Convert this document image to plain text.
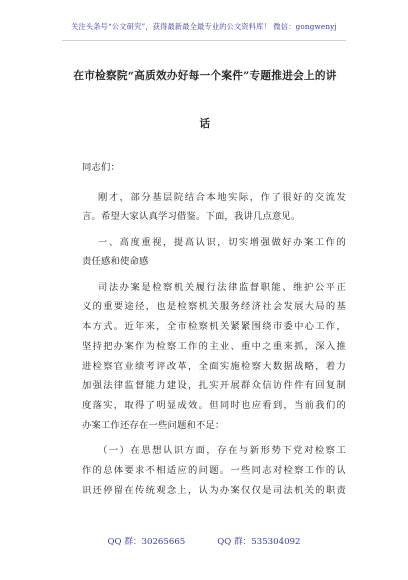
关注头条号“公文研究”，获得最新最全最专业的公文资料库！ 微信：gongwenyj
在市检察院“高质效办好每一个案件”专题推进会上的讲
话
同志们：
刚才，部分基层院结合本地实际，作了很好的交流发
言。希望大家认真学习借鉴。下面，我讲几点意见。
一、高度重视，提高认识，切实增强做好办案工作的
责任感和使命感
司法办案是检察机关履行法律监督职能、维护公平正
义的重要途径，也是检察机关服务经济社会发展大局的基
本方式。近年来，全市检察机关紧紧围绕市委中心工作，
坚持把办案作为检察工作的主业、重中之重来抓，深入推
进检察官业绩考评改革，全面实施检察大数据战略，着力
加强法律监督能力建设，扎实开展群众信访件件有回复制
度落实，取得了明显成效。但同时也应看到，当前我们的
办案工作还存在一些问题和不足：
（一）在思想认识方面，存在与新形势下党对检察工
作的总体要求不相适应的问题。一些同志对检察工作的认
识还停留在传统观念上，认为办案仅仅是司法机关的职责
QQ 群：30265665	QQ 群：535304092
